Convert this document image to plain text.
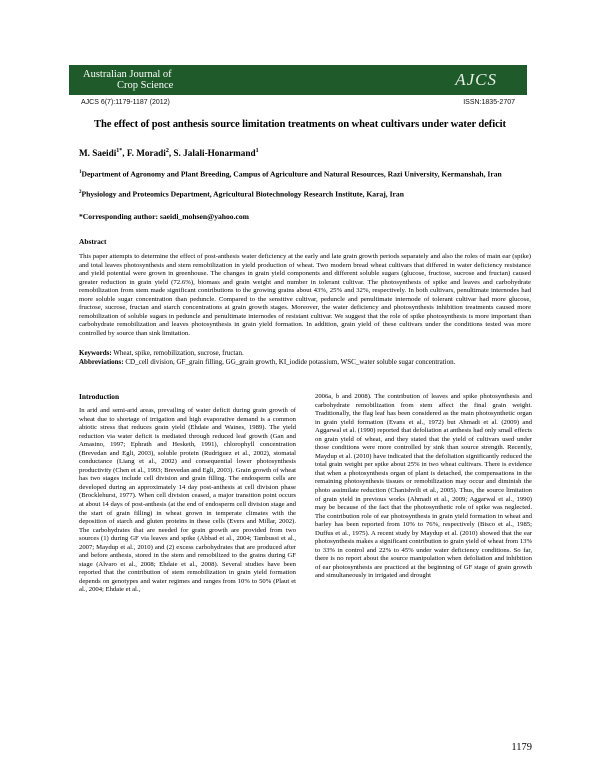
Australian Journal of
Crop Science	AJCS
AJCS 6(7):1179-1187 (2012)	ISSN:1835-2707
The effect of post anthesis source limitation treatments on wheat cultivars under water deficit
M. Saeidi$^{1*}$, F. Moradi$^2$, S. Jalali-Honarmand$^1$
$^1$Department of Agronomy and Plant Breeding, Campus of Agriculture and Natural Resources, Razi University, Kermanshah, Iran
$^2$Physiology and Proteomics Department, Agricultural Biotechnology Research Institute, Karaj, Iran
*Corresponding author: saeidi_mohsen@yahoo.com
Abstract
This paper attempts to determine the effect of post-anthesis water deficiency at the early and late grain growth periods separately and also the roles of main ear (spike) and total leaves photosynthesis and stem remobilization in yield production of wheat. Two modern bread wheat cultivars that differed in water deficiency resistance and yield potential were grown in greenhouse. The changes in grain yield components and different soluble sugars (glucose, fructose, sucrose and fructan) caused greater reduction in grain yield (72.6%), biomass and grain weight and number in tolerant cultivar. The photosynthesis of spike and leaves and carbohydrate remobilization from stem made significant contributions to the growing grains about 43%, 25% and 32%, respectively. In both cultivars, penultimate internodes had more soluble sugar concentration than peduncle. Compared to the sensitive cultivar, peduncle and penultimate internode of tolerant cultivar had more glucose, fructose, sucrose, fructan and starch concentrations at grain growth stages. Moreover, the water deficiency and photosynthesis inhibition treatments caused more remobilization of soluble sugars in peduncle and penultimate internodes of resistant cultivar. We suggest that the role of spike photosynthesis is more important than carbohydrate remobilization and leaves photosynthesis in grain yield formation. In addition, grain yield of these cultivars under the conditions tested was more controlled by source than sink limitation.
Keywords: Wheat, spike, remobilization, sucrose, fructan.
Abbreviations: CD_cell division, GF_grain filling, GG_grain growth, KI_iodide potassium, WSC_water soluble sugar concentration.
Introduction
In arid and semi-arid areas, prevailing of water deficit during grain growth of wheat due to shortage of irrigation and high evaporative demand is a common abiotic stress that reduces grain yield (Ehdaie and Waines, 1989). The yield reduction via water deficit is mediated through reduced leaf growth (Gan and Amasino, 1997; Ephrath and Hesketh, 1991), chlorophyll concentration (Brevedan and Egli, 2003), soluble protein (Rudriguez et al., 2002), stomatal conductance (Liang et al., 2002) and consequential lower photosynthesis productivity (Chen et al., 1993; Brevedan and Egli, 2003). Grain growth of wheat has two stages include cell division and grain filling. The endosperm cells are developed during an approximately 14 day post-anthesis at cell division phase (Brocklehurst, 1977). When cell division ceased, a major transition point occurs at about 14 days of post-anthesis (at the end of endosperm cell division stage and the start of grain filling) in wheat grown in temperate climates with the deposition of starch and gluten proteins in these cells (Evers and Millar, 2002). The carbohydrates that are needed for grain growth are provided from two sources (1) during GF via leaves and spike (Abbad et al., 2004; Tambussi et al., 2007; Maydup et al., 2010) and (2) excess carbohydrates that are produced after and before anthesis, stored in the stem and remobilized to the grains during GF stage (Alvaro et al., 2008; Ehdaie et al., 2008). Several studies have been reported that the contribution of stem remobilization in grain yield formation depends on genotypes and water regimes and ranges from 10% to 50% (Plaut et al., 2004; Ehdaie et al.,
2006a, b and 2008). The contribution of leaves and spike photosynthesis and carbohydrate remobilization from stem affect the final grain weight. Traditionally, the flag leaf has been considered as the main photosynthetic organ in grain yield formation (Evans et al., 1972) but Ahmadi et al. (2009) and Aggarwal et al. (1990) reported that defoliation at anthesis had only small effects on grain yield of wheat, and they stated that the yield of cultivars used under those conditions were more controlled by sink than source strength. Recently, Maydup et al. (2010) have indicated that the defoliation significantly reduced the total grain weight per spike about 25% in two wheat cultivars. There is evidence that when a photosynthesis organ of plant is detached, the compensations in the remaining photosynthesis tissues or remobilization may occur and diminish the photo assimilate reduction (Chanishvili et al., 2005). Thus, the source limitation of grain yield in previous works (Ahmadi et al., 2009; Aggarwal et al., 1990) may be because of the fact that the photosynthetic role of spike was neglected. The contribution role of ear photosynthesis in grain yield formation in wheat and barley has been reported from 10% to 76%, respectively (Bisco et al., 1985; Duffus et al., 1975). A recent study by Maydup et al. (2010) showed that the ear photosynthesis makes a significant contribution to grain yield of wheat from 13% to 33% in control and 22% to 45% under water deficiency conditions. So far, there is no report about the source manipulation when defoliation and inhibition of ear photosynthesis are practiced at the beginning of GF stage of grain growth and simultaneously in irrigated and drought
1179
